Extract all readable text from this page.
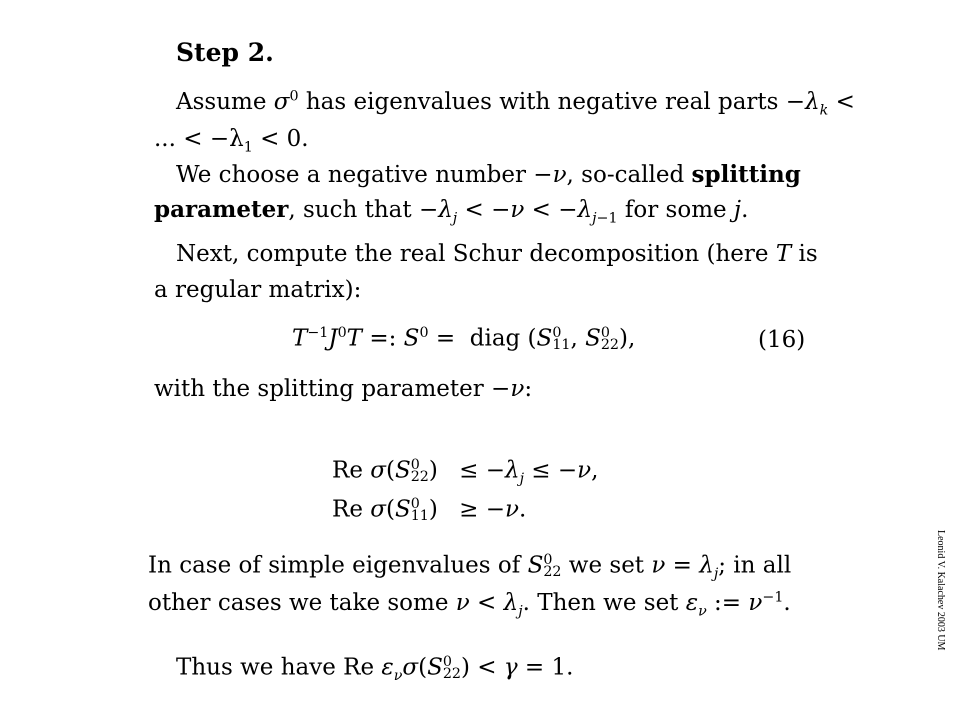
Step 2.
Assume $\sigma^0$ has eigenvalues with negative real parts $-\lambda_k$ <
... < $-\lambda_1 < 0$.
We choose a negative number −ν, so-called splitting
parameter, such that $-\lambda_j < -\nu < -\lambda_{j-1}$ for some j.
Next, compute the real Schur decomposition (here T is
a regular matrix):
$T^{-1}J^0T$ =: $S^0$ =  diag (S 0
11 , S 0
22 ),	(16)
with the splitting parameter −ν:
Re σ(S 0
22 ) ≤ $-\lambda_j \le -\nu$,
Re σ(S 0
11 ) ≥ −ν.
In case of simple eigenvalues of S 0
22 we set $\nu = \lambda_j$; in all
other cases we take some $\nu < \lambda_j$. Then we set $\varepsilon_\nu$ := $\nu^{-1}$.
Thus we have Re $\varepsilon_\nu\sigma(S$ 0
22 ) < γ = 1.
Leonid V. Kalachev 2003 UM
